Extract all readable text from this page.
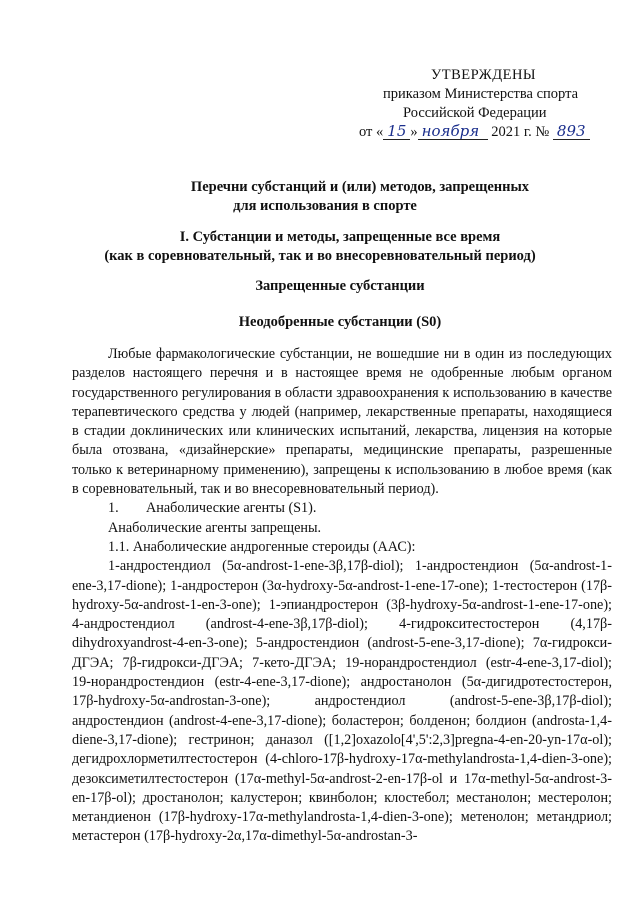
УТВЕРЖДЕНЫ
приказом Министерства спорта
Российской Федерации
от « 15 » ноября 2021 г. № 893
Перечни субстанций и (или) методов, запрещенных
для использования в спорте
I. Субстанции и методы, запрещенные все время
(как в соревновательный, так и во внесоревновательный период)
Запрещенные субстанции
Неодобренные субстанции (S0)

Любые фармакологические субстанции, не вошедшие ни в один из последующих разделов настоящего перечня и в настоящее время не одобренные любым органом государственного регулирования в области здравоохранения к использованию в качестве терапевтического средства у людей (например, лекарственные препараты, находящиеся в стадии доклинических или клинических испытаний, лекарства, лицензия на которые была отозвана, «дизайнерские» препараты, медицинские препараты, разрешенные только к ветеринарному применению), запрещены к использованию в любое время (как в соревновательный, так и во внесоревновательный период).

1. Анаболические агенты (S1).

Анаболические агенты запрещены.

1.1. Анаболические андрогенные стероиды (ААС):

1-андростендиол (5α-androst-1-ene-3β,17β-diol); 1-андростендион (5α-androst-1-ene-3,17-dione); 1-андростерон (3α-hydroxy-5α-androst-1-ene-17-one); 1-тестостерон (17β-hydroxy-5α-androst-1-en-3-one); 1-эпиандростерон (3β-hydroxy-5α-androst-1-ene-17-one); 4-андростендиол (androst-4-ene-3β,17β-diol); 4-гидрокситестостерон (4,17β-dihydroxyandrost-4-en-3-one); 5-андростендион (androst-5-ene-3,17-dione); 7α-гидрокси-ДГЭА; 7β-гидрокси-ДГЭА; 7-кето-ДГЭА; 19-норандростендиол (estr-4-ene-3,17-diol); 19-норандростендион (estr-4-ene-3,17-dione); андростанолон (5α-дигидротестостерон, 17β-hydroxy-5α-androstan-3-one); андростендиол (androst-5-ene-3β,17β-diol); андростендион (androst-4-ene-3,17-dione); боластерон; болденон; болдион (androsta-1,4-diene-3,17-dione); гестринон; даназол ([1,2]oxazolo[4',5':2,3]pregna-4-en-20-yn-17α-ol); дегидрохлорметилтестостерон (4-chloro-17β-hydroxy-17α-methylandrosta-1,4-dien-3-one); дезоксиметилтестостерон (17α-methyl-5α-androst-2-en-17β-ol и 17α-methyl-5α-androst-3-en-17β-ol); дростанолон; калустерон; квинболон; клостебол; местанолон; местеролон; метандиенон (17β-hydroxy-17α-methylandrosta-1,4-dien-3-one); метенолон; метандриол; метастерон (17β-hydroxy-2α,17α-dimethyl-5α-androstan-3-
